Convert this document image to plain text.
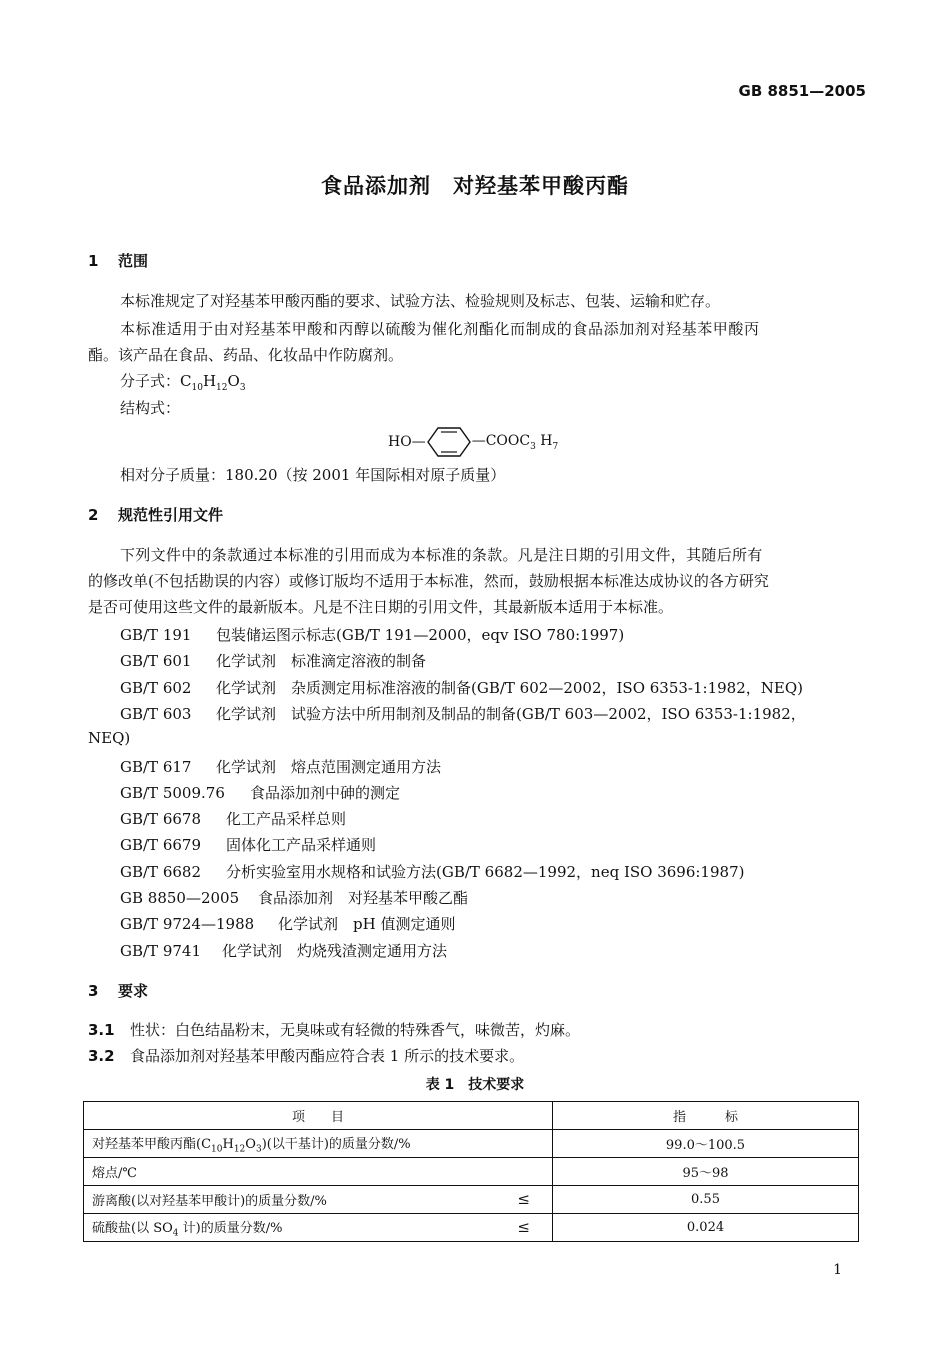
GB 8851—2005
食品添加剂　对羟基苯甲酸丙酯
1 范围
本标准规定了对羟基苯甲酸丙酯的要求、试验方法、检验规则及标志、包装、运输和贮存。
本标准适用于由对羟基苯甲酸和丙醇以硫酸为催化剂酯化而制成的食品添加剂对羟基苯甲酸丙
酯。该产品在食品、药品、化妆品中作防腐剂。
分子式：$C_{10}H_{12}O_3$
结构式：
HO—	$—COOC_3$ $H_7$
相对分子质量：180.20（按 2001 年国际相对原子质量）
2 规范性引用文件
下列文件中的条款通过本标准的引用而成为本标准的条款。凡是注日期的引用文件，其随后所有
的修改单(不包括勘误的内容）或修订版均不适用于本标准，然而，鼓励根据本标准达成协议的各方研究
是否可使用这些文件的最新版本。凡是不注日期的引用文件，其最新版本适用于本标准。
GB/T 191 包装储运图示标志(GB/T 191—2000，eqv ISO 780:1997)
GB/T 601 化学试剂　标准滴定溶液的制备
GB/T 602 化学试剂　杂质测定用标准溶液的制备(GB/T 602—2002，ISO 6353-1:1982，NEQ)
GB/T 603 化学试剂　试验方法中所用制剂及制品的制备(GB/T 603—2002，ISO 6353-1:1982，
NEQ)
GB/T 617 化学试剂　熔点范围测定通用方法
GB/T 5009.76 食品添加剂中砷的测定
GB/T 6678 化工产品采样总则
GB/T 6679 固体化工产品采样通则
GB/T 6682 分析实验室用水规格和试验方法(GB/T 6682—1992，neq ISO 3696:1987)
GB 8850—2005 食品添加剂　对羟基苯甲酸乙酯
GB/T 9724—1988 化学试剂　pH 值测定通则
GB/T 9741 化学试剂　灼烧残渣测定通用方法
3 要求
3.1 性状：白色结晶粉末，无臭味或有轻微的特殊香气，味微苦，灼麻。
3.2 食品添加剂对羟基苯甲酸丙酯应符合表 1 所示的技术要求。
表 1　技术要求
项　　目	指　　　标
对羟基苯甲酸丙酯$(C_{10}H_{12}O_3)$(以干基计)的质量分数/%	99.0～100.5
熔点/℃	95～98
游离酸(以对羟基苯甲酸计)的质量分数/% ≤	0.55
硫酸盐(以 $SO_4$ 计)的质量分数/% ≤	0.024
1
